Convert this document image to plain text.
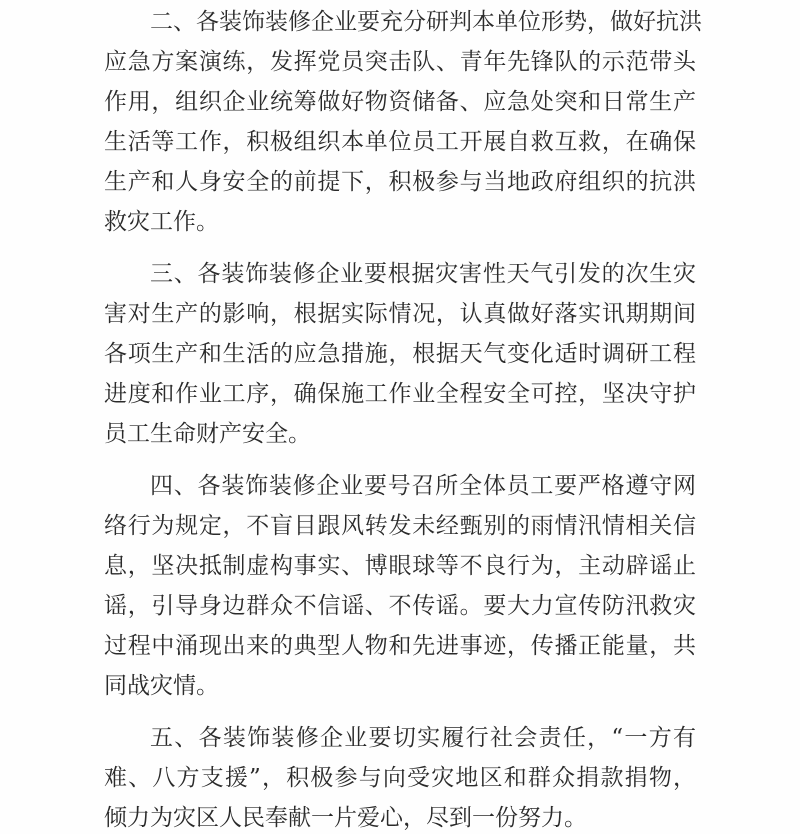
二、各装饰装修企业要充分研判本单位形势，做好抗洪

应急方案演练，发挥党员突击队、青年先锋队的示范带头

作用，组织企业统筹做好物资储备、应急处突和日常生产

生活等工作，积极组织本单位员工开展自救互救，在确保

生产和人身安全的前提下，积极参与当地政府组织的抗洪

救灾工作。

三、各装饰装修企业要根据灾害性天气引发的次生灾

害对生产的影响，根据实际情况，认真做好落实讯期期间

各项生产和生活的应急措施，根据天气变化适时调研工程

进度和作业工序，确保施工作业全程安全可控，坚决守护

员工生命财产安全。

四、各装饰装修企业要号召所全体员工要严格遵守网

络行为规定，不盲目跟风转发未经甄别的雨情汛情相关信

息，坚决抵制虚构事实、博眼球等不良行为，主动辟谣止

谣，引导身边群众不信谣、不传谣。要大力宣传防汛救灾

过程中涌现出来的典型人物和先进事迹，传播正能量，共

同战灾情。

五、各装饰装修企业要切实履行社会责任，“一方有

难、八方支援”，积极参与向受灾地区和群众捐款捐物，

倾力为灾区人民奉献一片爱心，尽到一份努力。
